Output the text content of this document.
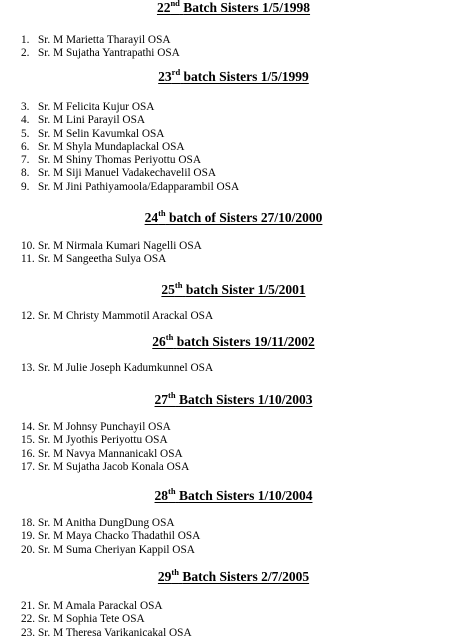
22nd Batch Sisters 1/5/1998
1. Sr. M Marietta Tharayil OSA
2. Sr. M Sujatha Yantrapathi OSA
23rd batch Sisters 1/5/1999
3. Sr. M Felicita Kujur OSA
4. Sr. M Lini Parayil OSA
5. Sr. M Selin Kavumkal OSA
6. Sr. M Shyla Mundaplackal OSA
7. Sr. M Shiny Thomas Periyottu OSA
8. Sr. M Siji Manuel Vadakechavelil OSA
9. Sr. M Jini Pathiyamoola/Edapparambil OSA
24th batch of Sisters 27/10/2000
10. Sr. M Nirmala Kumari Nagelli OSA
11. Sr. M Sangeetha Sulya OSA
25th batch Sister 1/5/2001
12. Sr. M Christy Mammotil Arackal OSA
26th batch Sisters 19/11/2002
13. Sr. M Julie Joseph Kadumkunnel OSA
27th Batch Sisters 1/10/2003
14. Sr. M Johnsy Punchayil OSA
15. Sr. M Jyothis Periyottu OSA
16. Sr. M Navya Mannanicakl OSA
17. Sr. M Sujatha Jacob Konala OSA
28th Batch Sisters 1/10/2004
18. Sr. M Anitha DungDung OSA
19. Sr. M Maya Chacko Thadathil OSA
20. Sr. M Suma Cheriyan Kappil OSA
29th Batch Sisters 2/7/2005
21. Sr. M Amala Parackal OSA
22. Sr. M Sophia Tete OSA
23. Sr. M Theresa Varikanicakal OSA
